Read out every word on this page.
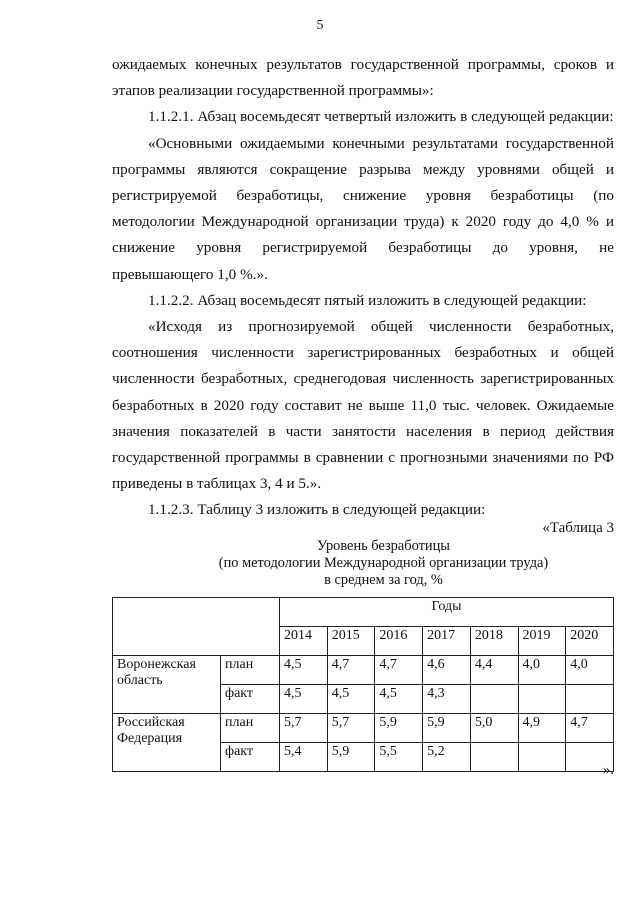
5

ожидаемых конечных результатов государственной программы, сроков и этапов реализации государственной программы»:

1.1.2.1. Абзац восемьдесят четвертый изложить в следующей редакции:

«Основными ожидаемыми конечными результатами государственной программы являются сокращение разрыва между уровнями общей и регистрируемой безработицы, снижение уровня безработицы (по методологии Международной организации труда) к 2020 году до 4,0 % и снижение уровня регистрируемой безработицы до уровня, не превышающего 1,0 %.».

1.1.2.2. Абзац восемьдесят пятый изложить в следующей редакции:

«Исходя из прогнозируемой общей численности безработных, соотношения численности зарегистрированных безработных и общей численности безработных, среднегодовая численность зарегистрированных безработных в 2020 году составит не выше 11,0 тыс. человек. Ожидаемые значения показателей в части занятости населения в период действия государственной программы в сравнении с прогнозными значениями по РФ приведены в таблицах 3, 4 и 5.».

1.1.2.3. Таблицу 3 изложить в следующей редакции:

«Таблица 3
Уровень безработицы
(по методологии Международной организации труда)
в среднем за год, %
		Годы						
		2014	2015	2016	2017	2018	2019	2020
Воронежская область	план	4,5	4,7	4,7	4,6	4,4	4,0	4,0
	факт	4,5	4,5	4,5	4,3			
Российская Федерация	план	5,7	5,7	5,9	5,9	5,0	4,9	4,7
	факт	5,4	5,9	5,5	5,2			
».
